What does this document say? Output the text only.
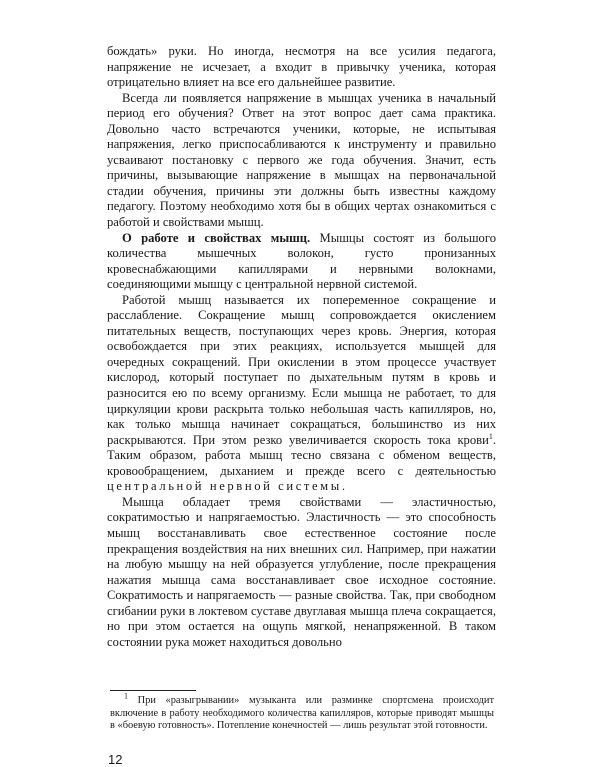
бождать» руки. Но иногда, несмотря на все усилия педагога, напряжение не исчезает, а входит в привычку ученика, которая отрицательно влияет на все его дальнейшее развитие.

Всегда ли появляется напряжение в мышцах ученика в начальный период его обучения? Ответ на этот вопрос дает сама практика. Довольно часто встречаются ученики, которые, не испытывая напряжения, легко приспосабливаются к инструменту и правильно усваивают постановку с первого же года обучения. Значит, есть причины, вызывающие напряжение в мышцах на первоначальной стадии обучения, причины эти должны быть известны каждому педагогу. Поэтому необходимо хотя бы в общих чертах ознакомиться с работой и свойствами мышц.

О работе и свойствах мышц. Мышцы состоят из большого количества мышечных волокон, густо пронизанных кровеснабжающими капиллярами и нервными волокнами, соединяющими мышцу с центральной нервной системой.

Работой мышц называется их попеременное сокращение и расслабление. Сокращение мышц сопровождается окислением питательных веществ, поступающих через кровь. Энергия, которая освобождается при этих реакциях, используется мышцей для очередных сокращений. При окислении в этом процессе участвует кислород, который поступает по дыхательным путям в кровь и разносится ею по всему организму. Если мышца не работает, то для циркуляции крови раскрыта только небольшая часть капилляров, но, как только мышца начинает сокращаться, большинство из них раскрываются. При этом резко увеличивается скорость тока крови$^1$. Таким образом, работа мышц тесно связана с обменом веществ, кровообращением, дыханием и прежде всего с деятельностью центральной нервной системы.

Мышца обладает тремя свойствами — эластичностью, сократимостью и напрягаемостью. Эластичность — это способность мышц восстанавливать свое естественное состояние после прекращения воздействия на них внешних сил. Например, при нажатии на любую мышцу на ней образуется углубление, после прекращения нажатия мышца сама восстанавливает свое исходное состояние. Сократимость и напрягаемость — разные свойства. Так, при свободном сгибании руки в локтевом суставе двуглавая мышца плеча сокращается, но при этом остается на ощупь мягкой, ненапряженной. В таком состоянии рука может находиться довольно

$^1$ При «разыгрывании» музыканта или разминке спортсмена происходит включение в работу необходимого количества капилляров, которые приводят мышцы в «боевую готовность». Потепление конечностей — лишь результат этой готовности.

12
